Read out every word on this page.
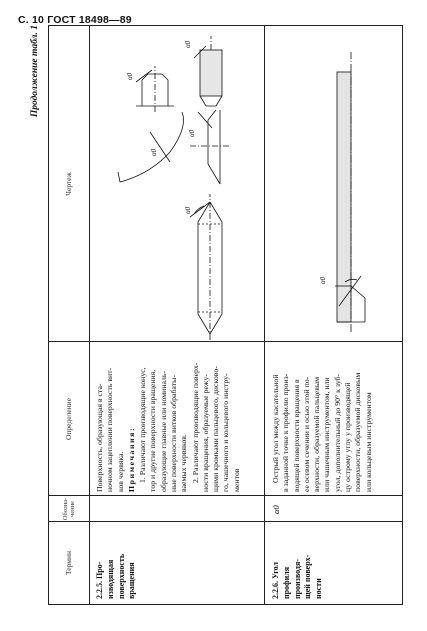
С. 10 ГОСТ 18498—89
Продолжение табл. 1
Термин
Обозна-
чение
Определение
Чертеж
2.2.5. Про-
изводящая
поверхность
вращения

Поверхность, образующая в ста-
ночном зацеплении поверхность вит-
ков червяка. Примечания: 1. Различают производящие конус,
тор и другие поверхности вращения,
образующие главные или номиналь-
ные поверхности витков обрабаты-
ваемых червяков.

2. Различают производящие поверх-
ности вращения, образуемые режу-
щими кромками пальцевого, дисково-
го, чашечного и кольцевого инстру-
ментов

α0
α0
α0
α0
α0
2.2.6. Угол
профиля
производя-
щей поверх-
ности
α0

Острый угол между касательной
в заданной точке к профилю произ-
водящей поверхности вращения в
ее осевом сечении и осью этой по-
верхности, образуемой пальцевым
или чашечным инструментом, или
угол, дополнительный до 90° к зуб-
цу острому углу у производящей
поверхности, образуемой дисковым
или кольцевым инструментом

α0
